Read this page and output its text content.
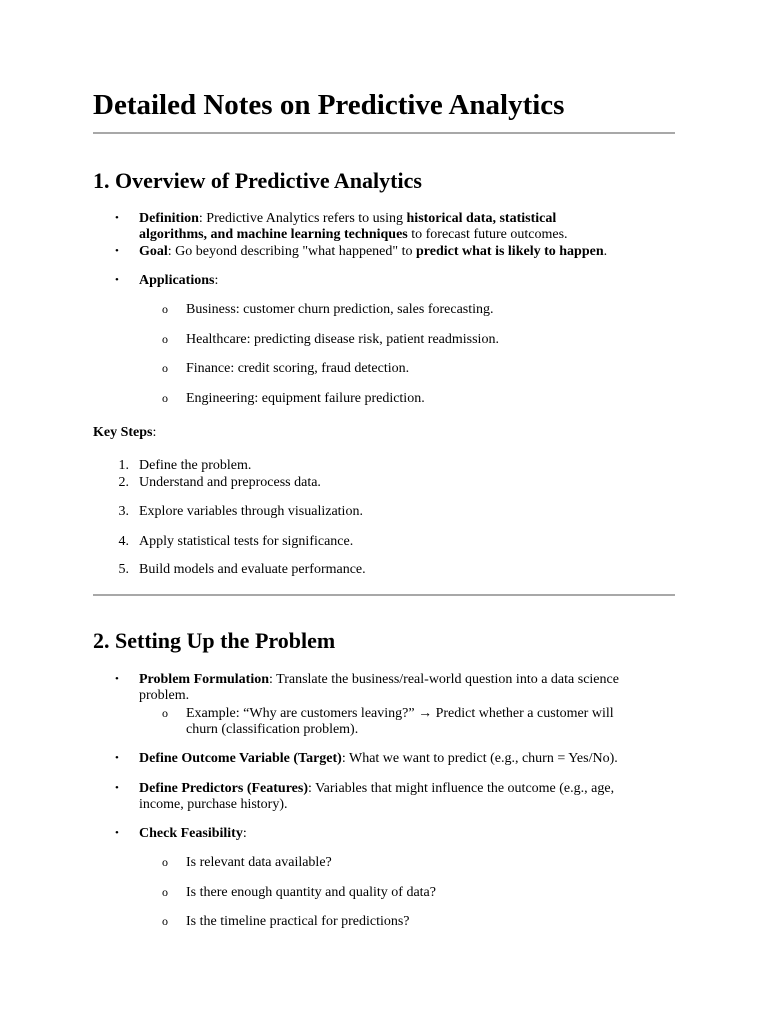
Detailed Notes on Predictive Analytics
1. Overview of Predictive Analytics
• Definition: Predictive Analytics refers to using historical data, statistical
algorithms, and machine learning techniques to forecast future outcomes.
• Goal: Go beyond describing "what happened" to predict what is likely to happen.
• Applications:
o Business: customer churn prediction, sales forecasting.
o Healthcare: predicting disease risk, patient readmission.
o Finance: credit scoring, fraud detection.
o Engineering: equipment failure prediction.
Key Steps:
1. Define the problem.
2. Understand and preprocess data.
3. Explore variables through visualization.
4. Apply statistical tests for significance.
5. Build models and evaluate performance.
2. Setting Up the Problem
• Problem Formulation: Translate the business/real-world question into a data science
problem.
o Example: “Why are customers leaving?” → Predict whether a customer will
churn (classification problem).
• Define Outcome Variable (Target): What we want to predict (e.g., churn = Yes/No).
• Define Predictors (Features): Variables that might influence the outcome (e.g., age,
income, purchase history).
• Check Feasibility:
o Is relevant data available?
o Is there enough quantity and quality of data?
o Is the timeline practical for predictions?
